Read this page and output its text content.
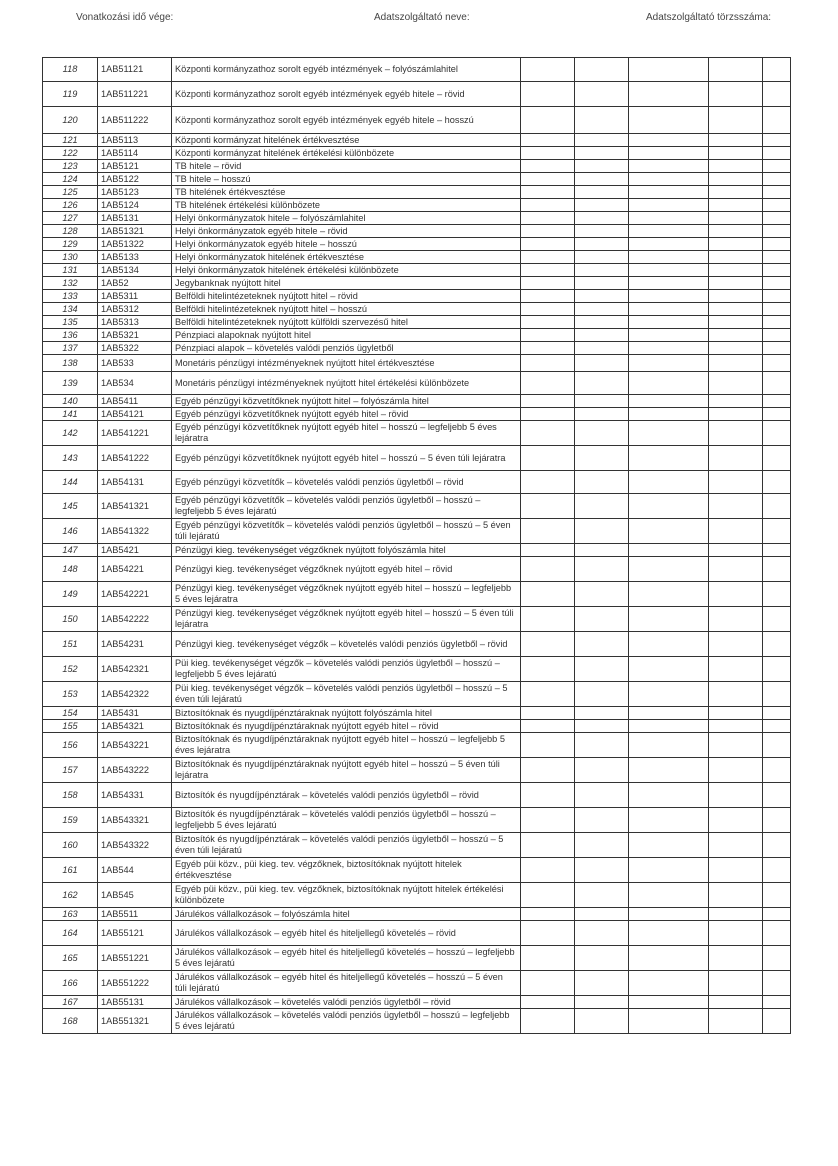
Vonatkozási idő vége:	Adatszolgáltató neve:	Adatszolgáltató törzsszáma:
118	1AB51121	Központi kormányzathoz sorolt egyéb intézmények – folyószámlahitel					
119	1AB511221	Központi kormányzathoz sorolt egyéb intézmények egyéb hitele – rövid					
120	1AB511222	Központi kormányzathoz sorolt egyéb intézmények egyéb hitele – hosszú					
121	1AB5113	Központi kormányzat hitelének értékvesztése					
122	1AB5114	Központi kormányzat hitelének értékelési különbözete					
123	1AB5121	TB hitele – rövid					
124	1AB5122	TB hitele – hosszú					
125	1AB5123	TB hitelének értékvesztése					
126	1AB5124	TB hitelének értékelési különbözete					
127	1AB5131	Helyi önkormányzatok hitele – folyószámlahitel					
128	1AB51321	Helyi önkormányzatok egyéb hitele – rövid					
129	1AB51322	Helyi önkormányzatok egyéb hitele – hosszú					
130	1AB5133	Helyi önkormányzatok hitelének értékvesztése					
131	1AB5134	Helyi önkormányzatok hitelének értékelési különbözete					
132	1AB52	Jegybanknak nyújtott hitel					
133	1AB5311	Belföldi hitelintézeteknek nyújtott hitel – rövid					
134	1AB5312	Belföldi hitelintézeteknek nyújtott hitel – hosszú					
135	1AB5313	Belföldi hitelintézeteknek nyújtott külföldi szervezésű hitel					
136	1AB5321	Pénzpiaci alapoknak nyújtott hitel					
137	1AB5322	Pénzpiaci alapok – követelés valódi penziós ügyletből					
138	1AB533	Monetáris pénzügyi intézményeknek nyújtott hitel értékvesztése					
139	1AB534	Monetáris pénzügyi intézményeknek nyújtott hitel értékelési különbözete					
140	1AB5411	Egyéb pénzügyi közvetítőknek nyújtott hitel – folyószámla hitel					
141	1AB54121	Egyéb pénzügyi közvetítőknek nyújtott egyéb hitel – rövid					
142	1AB541221	Egyéb pénzügyi közvetítőknek nyújtott egyéb hitel – hosszú – legfeljebb 5 éves lejáratra					
143	1AB541222	Egyéb pénzügyi közvetítőknek nyújtott egyéb hitel – hosszú – 5 éven túli lejáratra					
144	1AB54131	Egyéb pénzügyi közvetítők – követelés valódi penziós ügyletből – rövid					
145	1AB541321	Egyéb pénzügyi közvetítők – követelés valódi penziós ügyletből – hosszú – legfeljebb 5 éves lejáratú					
146	1AB541322	Egyéb pénzügyi közvetítők – követelés valódi penziós ügyletből – hosszú – 5 éven túli lejáratú					
147	1AB5421	Pénzügyi kieg. tevékenységet végzőknek nyújtott folyószámla hitel					
148	1AB54221	Pénzügyi kieg. tevékenységet végzőknek nyújtott egyéb hitel – rövid					
149	1AB542221	Pénzügyi kieg. tevékenységet végzőknek nyújtott egyéb hitel – hosszú – legfeljebb 5 éves lejáratra					
150	1AB542222	Pénzügyi kieg. tevékenységet végzőknek nyújtott egyéb hitel – hosszú – 5 éven túli lejáratra					
151	1AB54231	Pénzügyi kieg. tevékenységet végzők – követelés valódi penziós ügyletből – rövid					
152	1AB542321	Püi kieg. tevékenységet végzők – követelés valódi penziós ügyletből – hosszú – legfeljebb 5 éves lejáratú					
153	1AB542322	Püi kieg. tevékenységet végzők – követelés valódi penziós ügyletből – hosszú – 5 éven túli lejáratú					
154	1AB5431	Biztosítóknak és nyugdíjpénztáraknak nyújtott folyószámla hitel					
155	1AB54321	Biztosítóknak és nyugdíjpénztáraknak nyújtott egyéb hitel – rövid					
156	1AB543221	Biztosítóknak és nyugdíjpénztáraknak nyújtott egyéb hitel – hosszú – legfeljebb 5 éves lejáratra					
157	1AB543222	Biztosítóknak és nyugdíjpénztáraknak nyújtott egyéb hitel – hosszú – 5 éven túli lejáratra					
158	1AB54331	Biztosítók és nyugdíjpénztárak – követelés valódi penziós ügyletből – rövid					
159	1AB543321	Biztosítók és nyugdíjpénztárak – követelés valódi penziós ügyletből – hosszú – legfeljebb 5 éves lejáratú					
160	1AB543322	Biztosítók és nyugdíjpénztárak – követelés valódi penziós ügyletből – hosszú – 5 éven túli lejáratú					
161	1AB544	Egyéb püi közv., püi kieg. tev. végzőknek, biztosítóknak nyújtott hitelek értékvesztése					
162	1AB545	Egyéb püi közv., püi kieg. tev. végzőknek, biztosítóknak nyújtott hitelek értékelési különbözete					
163	1AB5511	Járulékos vállalkozások – folyószámla hitel					
164	1AB55121	Járulékos vállalkozások – egyéb hitel és hiteljellegű követelés – rövid					
165	1AB551221	Járulékos vállalkozások – egyéb hitel és hiteljellegű követelés – hosszú – legfeljebb 5 éves lejáratú					
166	1AB551222	Járulékos vállalkozások – egyéb hitel és hiteljellegű követelés – hosszú – 5 éven túli lejáratú					
167	1AB55131	Járulékos vállalkozások – követelés valódi penziós ügyletből – rövid					
168	1AB551321	Járulékos vállalkozások – követelés valódi penziós ügyletből – hosszú – legfeljebb 5 éves lejáratú					
